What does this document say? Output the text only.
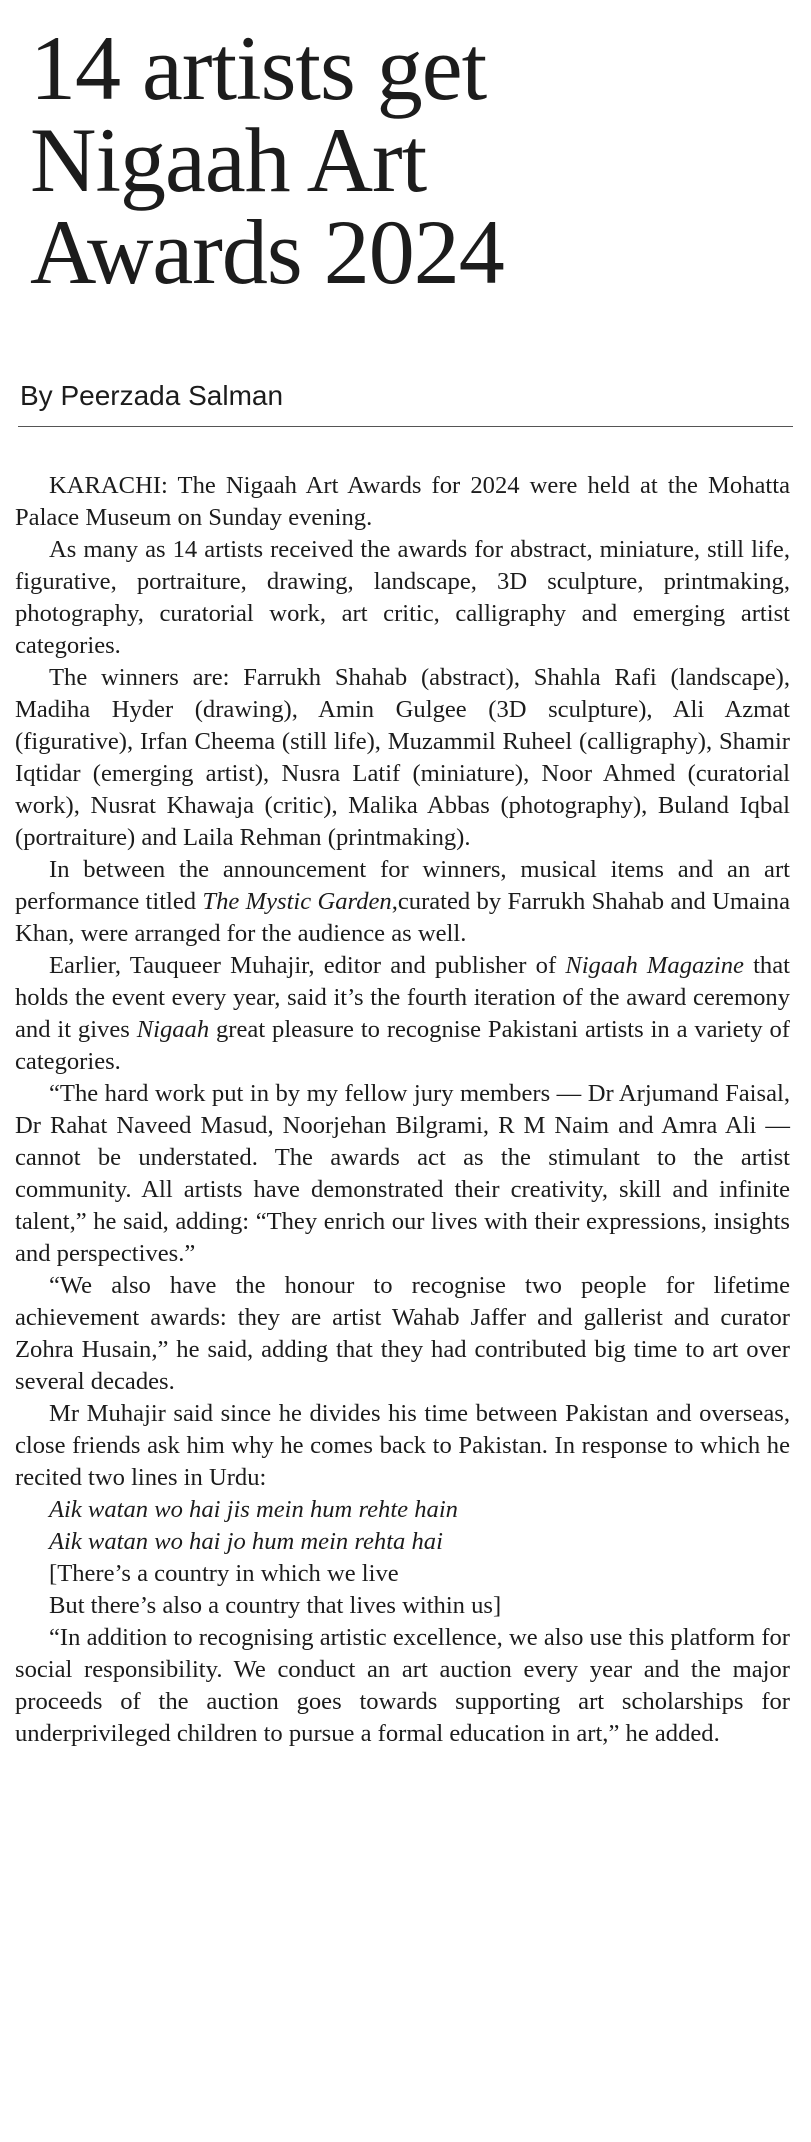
14 artists get
Nigaah Art
Awards 2024
By Peerzada Salman

KARACHI: The Nigaah Art Awards for 2024 were held at the Mohatta Palace Museum on Sunday evening.

As many as 14 artists received the awards for abstract, miniature, still life, figurative, portraiture, drawing, landscape, 3D sculpture, printmaking, photography, curatorial work, art critic, calligraphy and emerging artist categories.

The winners are: Farrukh Shahab (abstract), Shahla Rafi (landscape), Madiha Hyder (drawing), Amin Gulgee (3D sculpture), Ali Azmat (figurative), Irfan Cheema (still life), Muzammil Ruheel (calligraphy), Shamir Iqtidar (emerging artist), Nusra Latif (miniature), Noor Ahmed (curatorial work), Nusrat Khawaja (critic), Malika Abbas (photography), Buland Iqbal (portraiture) and Laila Rehman (printmaking).

In between the announcement for winners, musical items and an art performance titled The Mystic Garden,curated by Farrukh Shahab and Umaina Khan, were arranged for the audience as well.

Earlier, Tauqueer Muhajir, editor and publisher of Nigaah Magazine that holds the event every year, said it’s the fourth iteration of the award ceremony and it gives Nigaah great pleasure to recognise Pakistani artists in a variety of categories.

“The hard work put in by my fellow jury members — Dr Arjumand Faisal, Dr Rahat Naveed Masud, Noorjehan Bilgrami, R M Naim and Amra Ali — cannot be understated. The awards act as the stimulant to the artist community. All artists have demonstrated their creativity, skill and infinite talent,” he said, adding: “They enrich our lives with their expressions, insights and perspectives.”

“We also have the honour to recognise two people for lifetime achievement awards: they are artist Wahab Jaffer and gallerist and curator Zohra Husain,” he said, adding that they had contributed big time to art over several decades.

Mr Muhajir said since he divides his time between Pakistan and overseas, close friends ask him why he comes back to Pakistan. In response to which he recited two lines in Urdu:

Aik watan wo hai jis mein hum rehte hain

Aik watan wo hai jo hum mein rehta hai

[There’s a country in which we live

But there’s also a country that lives within us]

“In addition to recognising artistic excellence, we also use this platform for social responsibility. We conduct an art auction every year and the major proceeds of the auction goes towards supporting art scholarships for underprivileged children to pursue a formal education in art,” he added.
